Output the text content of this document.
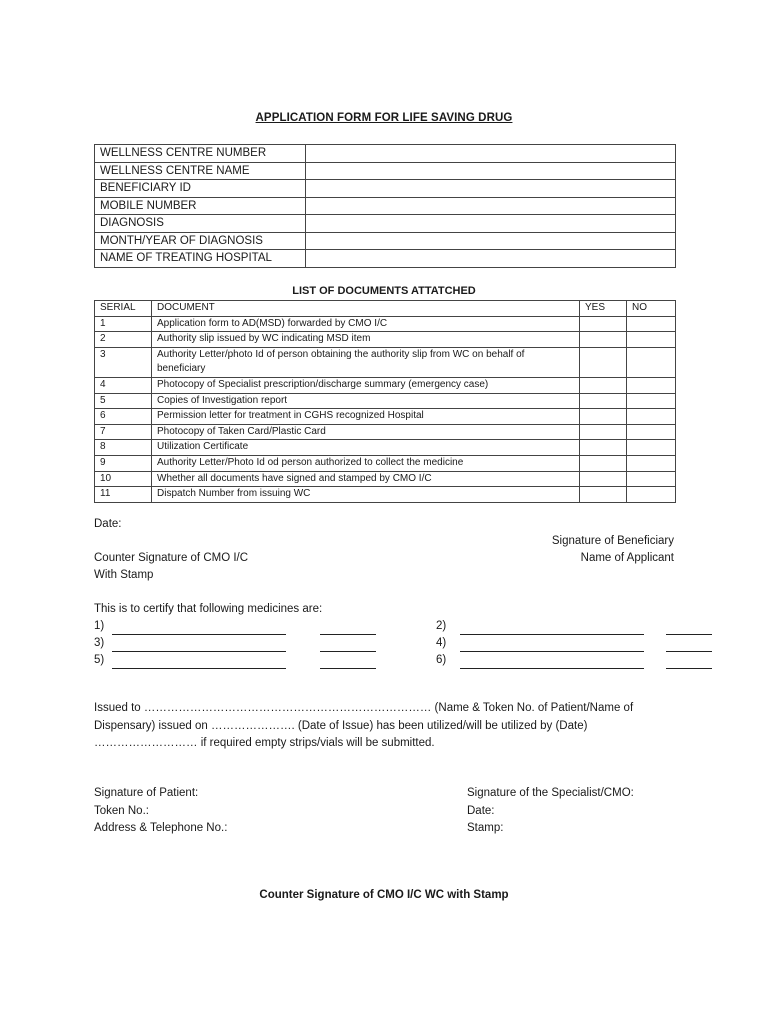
APPLICATION FORM FOR LIFE SAVING DRUG
WELLNESS CENTRE NUMBER	
WELLNESS CENTRE NAME	
BENEFICIARY ID	
MOBILE NUMBER	
DIAGNOSIS	
MONTH/YEAR OF DIAGNOSIS	
NAME OF TREATING HOSPITAL	
LIST OF DOCUMENTS ATTATCHED
SERIAL	DOCUMENT	YES	NO
1	Application form to AD(MSD) forwarded by CMO I/C		
2	Authority slip issued by WC indicating MSD item		
3	Authority Letter/photo Id of person obtaining the authority slip from WC on behalf of beneficiary		
4	Photocopy of Specialist prescription/discharge summary (emergency case)		
5	Copies of Investigation report		
6	Permission letter for treatment in CGHS recognized Hospital		
7	Photocopy of Taken Card/Plastic Card		
8	Utilization Certificate		
9	Authority Letter/Photo Id od person authorized to collect the medicine		
10	Whether all documents have signed and stamped by CMO I/C		
11	Dispatch Number from issuing WC		
Date:
Signature of Beneficiary
Name of Applicant
Counter Signature of CMO I/C
With Stamp
This is to certify that following medicines are:
1)
3)
5)
2)
4)
6)
Issued to ………………………………………………………………… (Name & Token No. of Patient/Name of Dispensary) issued on …………………. (Date of Issue) has been utilized/will be utilized by (Date) ……………………… if required empty strips/vials will be submitted.
Signature of Patient:
Token No.:
Address & Telephone No.:
Signature of the Specialist/CMO:
Date:
Stamp:
Counter Signature of CMO I/C WC with Stamp
